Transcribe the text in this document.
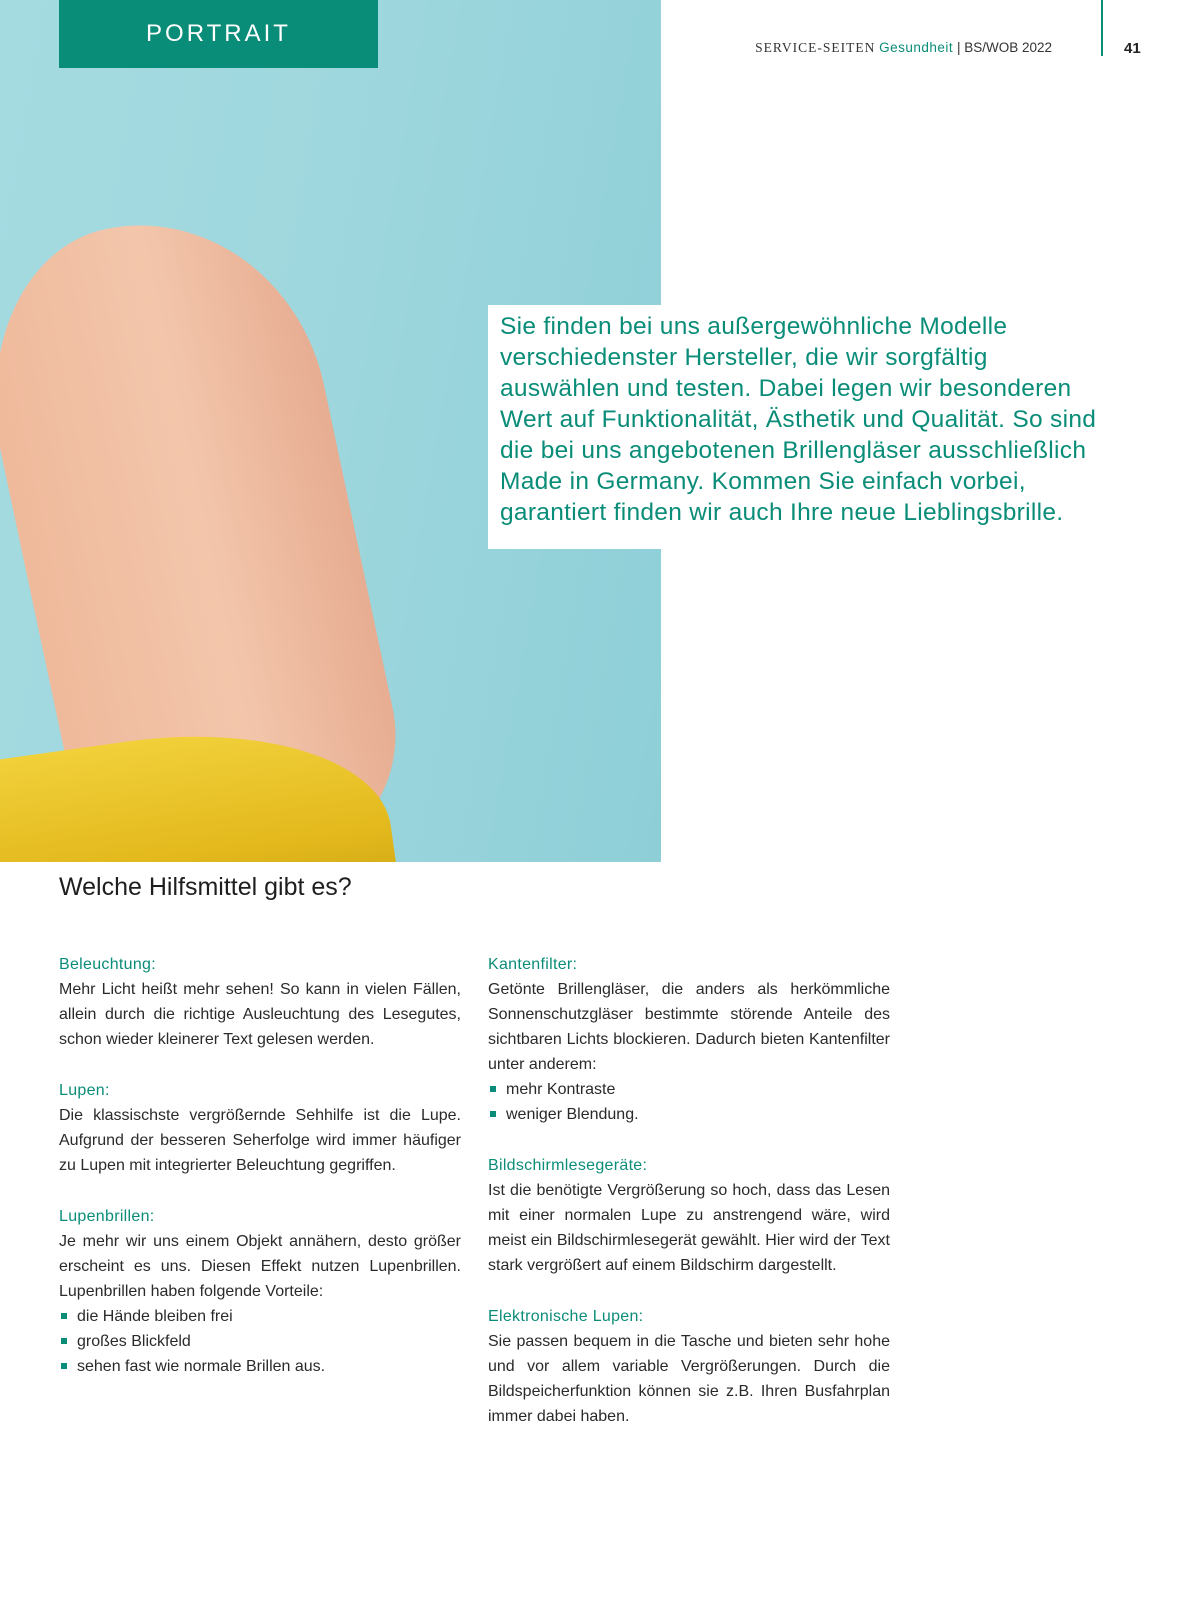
PORTRAIT
SERVICE-SEITEN Gesundheit | BS/WOB 2022	41

Sie finden bei uns außergewöhnliche Modelle verschiedenster Hersteller, die wir sorgfältig auswählen und testen. Dabei legen wir besonderen Wert auf Funktionalität, Ästhetik und Qualität. So sind die bei uns angebotenen Brillengläser ausschließlich Made in Germany. Kommen Sie einfach vorbei, garantiert finden wir auch Ihre neue Lieblingsbrille.

Welche Hilfsmittel gibt es?
Beleuchtung:

Mehr Licht heißt mehr sehen! So kann in vielen Fällen, allein durch die richtige Ausleuchtung des Lesegutes, schon wieder kleinerer Text gelesen werden.

Lupen:

Die klassischste vergrößernde Sehhilfe ist die Lupe. Aufgrund der besseren Seherfolge wird immer häufiger zu Lupen mit integrierter Beleuchtung gegriffen.

Lupenbrillen:

Je mehr wir uns einem Objekt annähern, desto größer erscheint es uns. Diesen Effekt nutzen Lupenbrillen. Lupenbrillen haben folgende Vorteile:

die Hände bleiben frei
großes Blickfeld
sehen fast wie normale Brillen aus.
Kantenfilter:

Getönte Brillengläser, die anders als herkömmliche Sonnenschutzgläser bestimmte störende Anteile des sichtbaren Lichts blockieren. Dadurch bieten Kantenfilter unter anderem:

mehr Kontraste
weniger Blendung.
Bildschirmlesegeräte:

Ist die benötigte Vergrößerung so hoch, dass das Lesen mit einer normalen Lupe zu anstrengend wäre, wird meist ein Bildschirmlesegerät gewählt. Hier wird der Text stark vergrößert auf einem Bildschirm dargestellt.

Elektronische Lupen:

Sie passen bequem in die Tasche und bieten sehr hohe und vor allem variable Vergrößerungen. Durch die Bildspeicherfunktion können sie z.B. Ihren Busfahrplan immer dabei haben.
